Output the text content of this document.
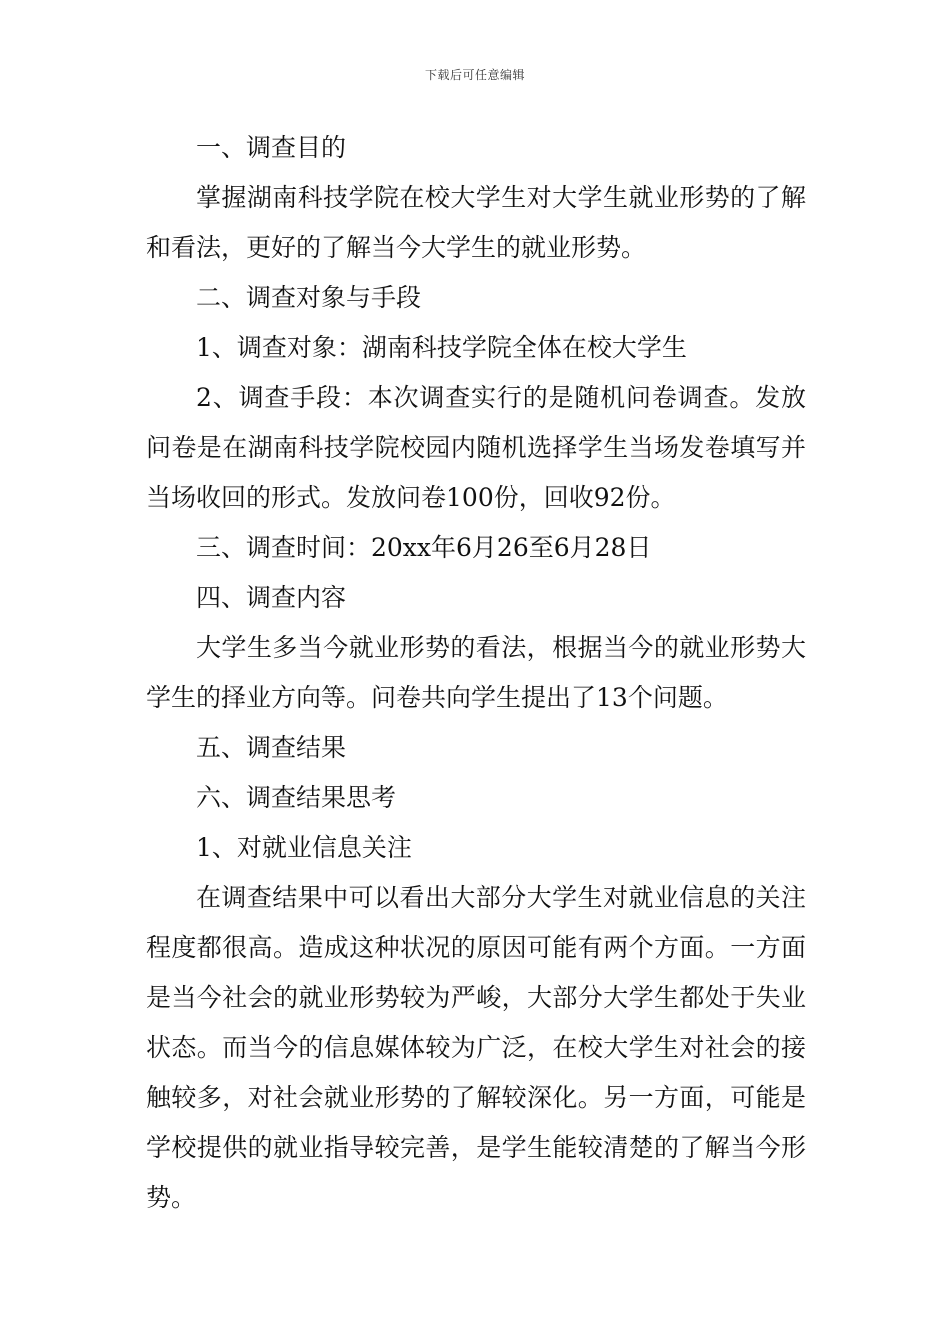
下载后可任意编辑

一、调查目的

掌握湖南科技学院在校大学生对大学生就业形势的了解和看法，更好的了解当今大学生的就业形势。

二、调查对象与手段

1、调查对象：湖南科技学院全体在校大学生

2、调查手段：本次调查实行的是随机问卷调查。发放问卷是在湖南科技学院校园内随机选择学生当场发卷填写并当场收回的形式。发放问卷100份，回收92份。

三、调查时间：20xx年6月26至6月28日

四、调查内容

大学生多当今就业形势的看法，根据当今的就业形势大学生的择业方向等。问卷共向学生提出了13个问题。

五、调查结果

六、调查结果思考

1、对就业信息关注

在调查结果中可以看出大部分大学生对就业信息的关注程度都很高。造成这种状况的原因可能有两个方面。一方面是当今社会的就业形势较为严峻，大部分大学生都处于失业状态。而当今的信息媒体较为广泛，在校大学生对社会的接触较多，对社会就业形势的了解较深化。另一方面，可能是学校提供的就业指导较完善，是学生能较清楚的了解当今形势。
